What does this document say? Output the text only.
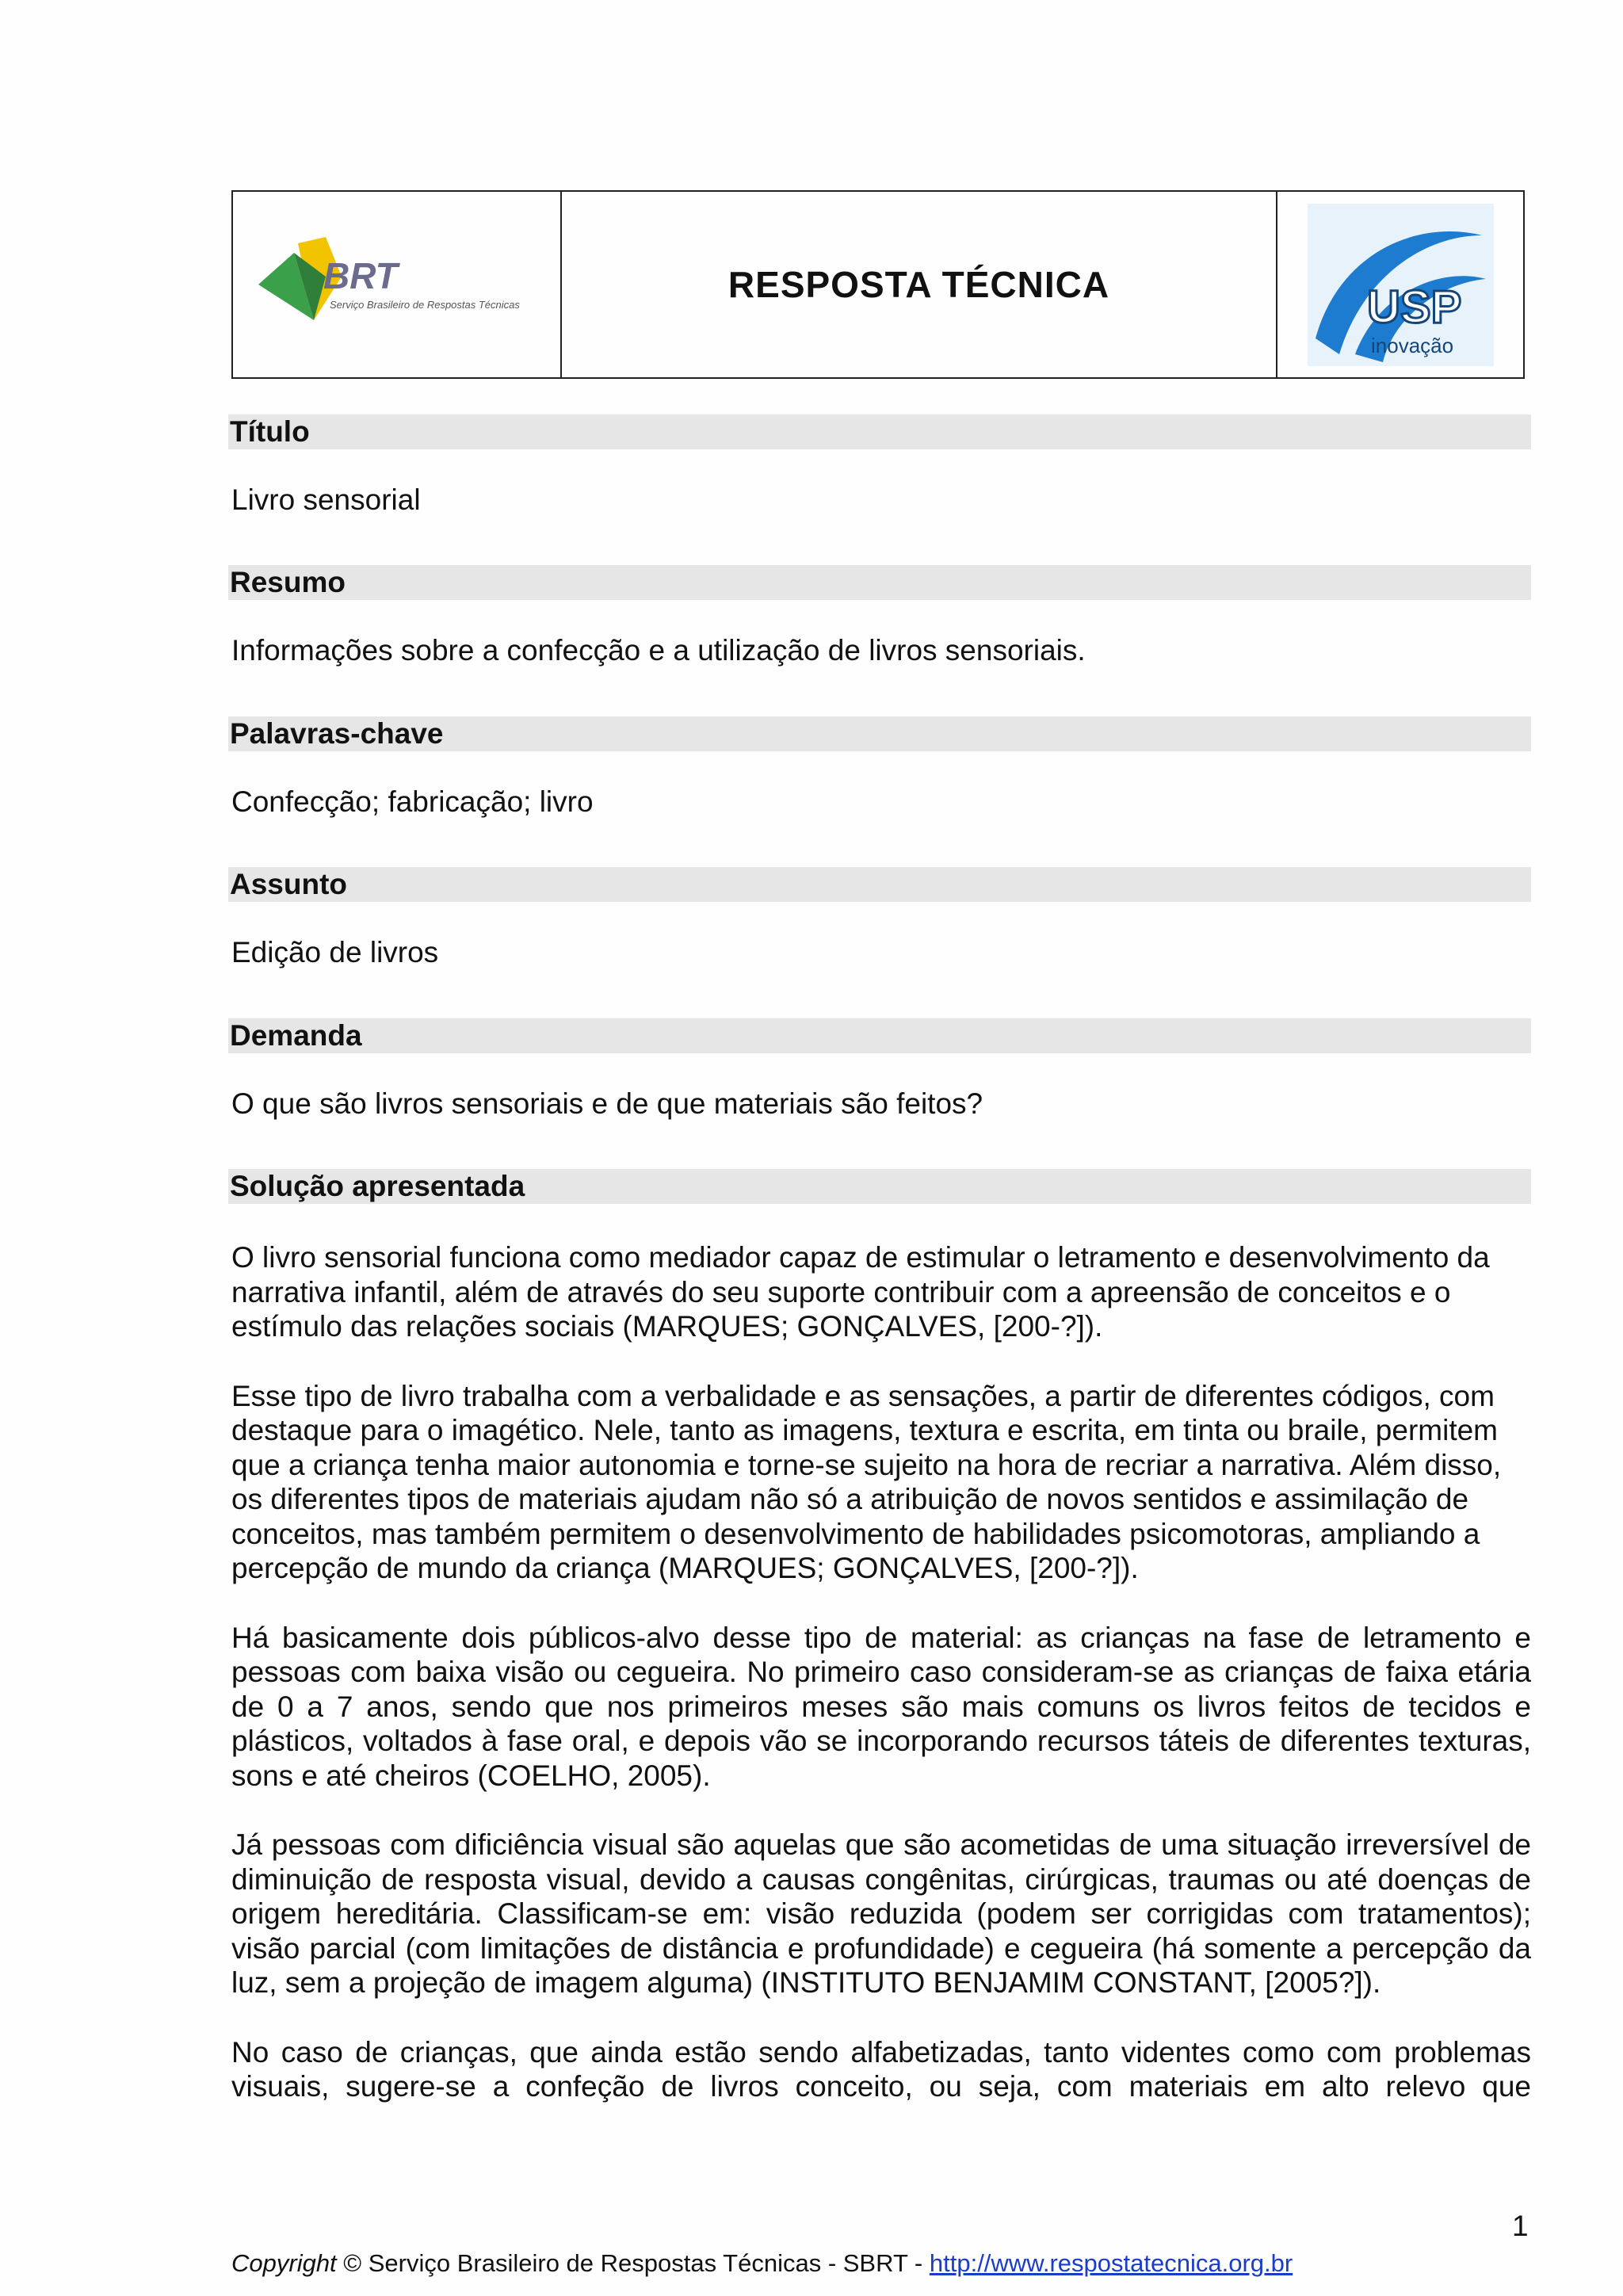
BRT
Serviço Brasileiro de Respostas Técnicas	RESPOSTA TÉCNICA	USP
inovação
Título
Livro sensorial
Resumo
Informações sobre a confecção e a utilização de livros sensoriais.
Palavras-chave
Confecção; fabricação; livro
Assunto
Edição de livros
Demanda
O que são livros sensoriais e de que materiais são feitos?
Solução apresentada

O livro sensorial funciona como mediador capaz de estimular o letramento e desenvolvimento da narrativa infantil, além de através do seu suporte contribuir com a apreensão de conceitos e o estímulo das relações sociais (MARQUES; GONÇALVES, [200-?]).

Esse tipo de livro trabalha com a verbalidade e as sensações, a partir de diferentes códigos, com destaque para o imagético. Nele, tanto as imagens, textura e escrita, em tinta ou braile, permitem que a criança tenha maior autonomia e torne-se sujeito na hora de recriar a narrativa. Além disso, os diferentes tipos de materiais ajudam não só a atribuição de novos sentidos e assimilação de conceitos, mas também permitem o desenvolvimento de habilidades psicomotoras, ampliando a percepção de mundo da criança (MARQUES; GONÇALVES, [200-?]).

Há basicamente dois públicos-alvo desse tipo de material: as crianças na fase de letramento e pessoas com baixa visão ou cegueira. No primeiro caso consideram-se as crianças de faixa etária de 0 a 7 anos, sendo que nos primeiros meses são mais comuns os livros feitos de tecidos e plásticos, voltados à fase oral, e depois vão se incorporando recursos táteis de diferentes texturas, sons e até cheiros (COELHO, 2005).

Já pessoas com dificiência visual são aquelas que são acometidas de uma situação irreversível de diminuição de resposta visual, devido a causas congênitas, cirúrgicas, traumas ou até doenças de origem hereditária. Classificam-se em: visão reduzida (podem ser corrigidas com tratamentos); visão parcial (com limitações de distância e profundidade) e cegueira (há somente a percepção da luz, sem a projeção de imagem alguma) (INSTITUTO BENJAMIM CONSTANT, [2005?]).

No caso de crianças, que ainda estão sendo alfabetizadas, tanto videntes como com problemas visuais, sugere-se a confeção de livros conceito, ou seja, com materiais em alto relevo que

1
Copyright © Serviço Brasileiro de Respostas Técnicas - SBRT - http://www.respostatecnica.org.br
